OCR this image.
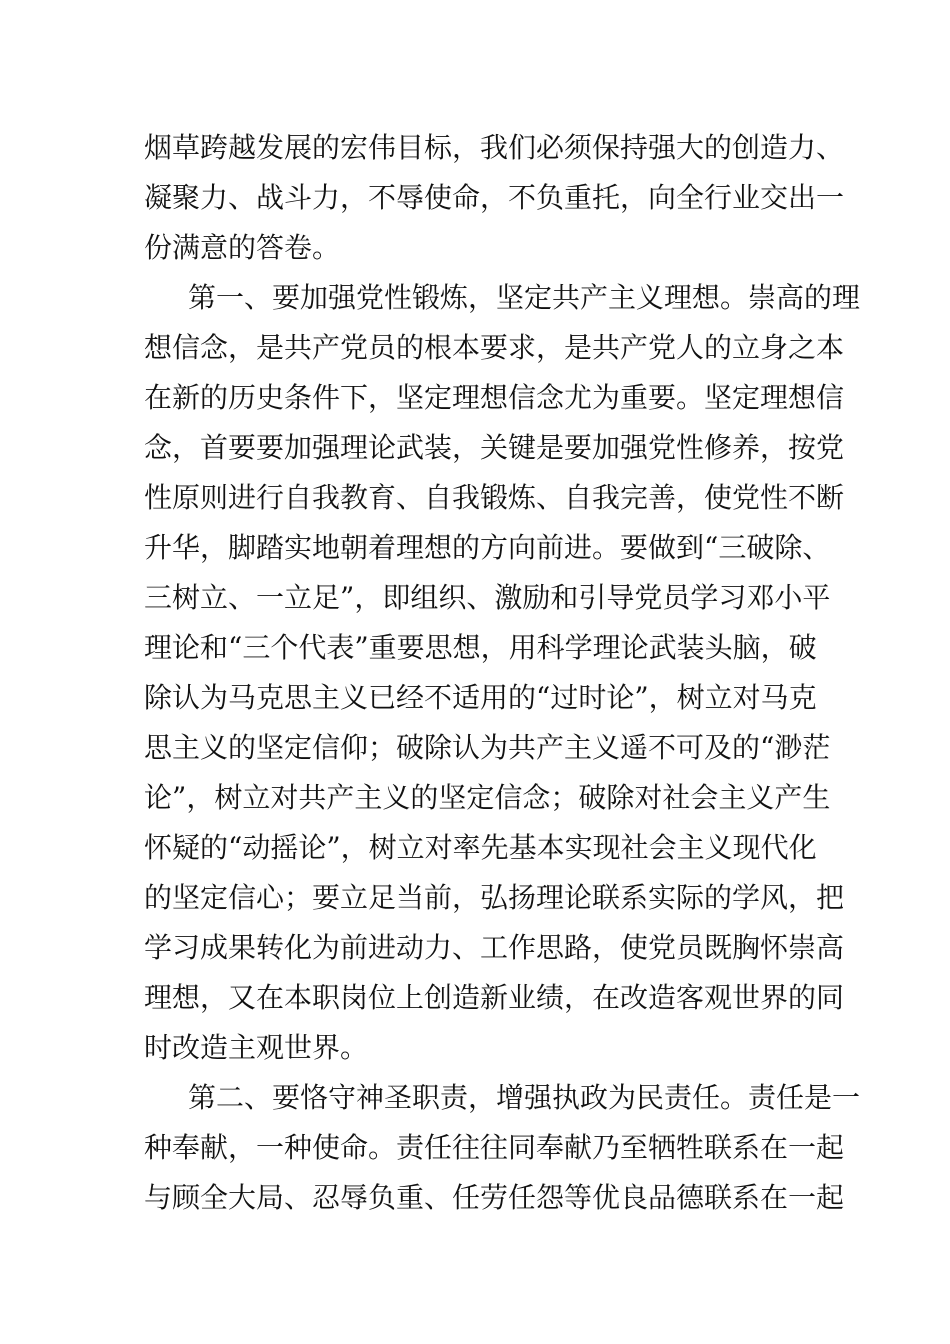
烟草跨越发展的宏伟目标，我们必须保持强大的创造力、
凝聚力、战斗力，不辱使命，不负重托，向全行业交出一
份满意的答卷。
第一、要加强党性锻炼，坚定共产主义理想。崇高的理
想信念，是共产党员的根本要求，是共产党人的立身之本
在新的历史条件下，坚定理想信念尤为重要。坚定理想信
念，首要要加强理论武装，关键是要加强党性修养，按党
性原则进行自我教育、自我锻炼、自我完善，使党性不断
升华，脚踏实地朝着理想的方向前进。要做到“三破除、
三树立、一立足”，即组织、激励和引导党员学习邓小平
理论和“三个代表”重要思想，用科学理论武装头脑，破
除认为马克思主义已经不适用的“过时论”，树立对马克
思主义的坚定信仰；破除认为共产主义遥不可及的“渺茫
论”，树立对共产主义的坚定信念；破除对社会主义产生
怀疑的“动摇论”，树立对率先基本实现社会主义现代化
的坚定信心；要立足当前，弘扬理论联系实际的学风，把
学习成果转化为前进动力、工作思路，使党员既胸怀崇高
理想，又在本职岗位上创造新业绩，在改造客观世界的同
时改造主观世界。
第二、要恪守神圣职责，增强执政为民责任。责任是一
种奉献，一种使命。责任往往同奉献乃至牺牲联系在一起
与顾全大局、忍辱负重、任劳任怨等优良品德联系在一起
